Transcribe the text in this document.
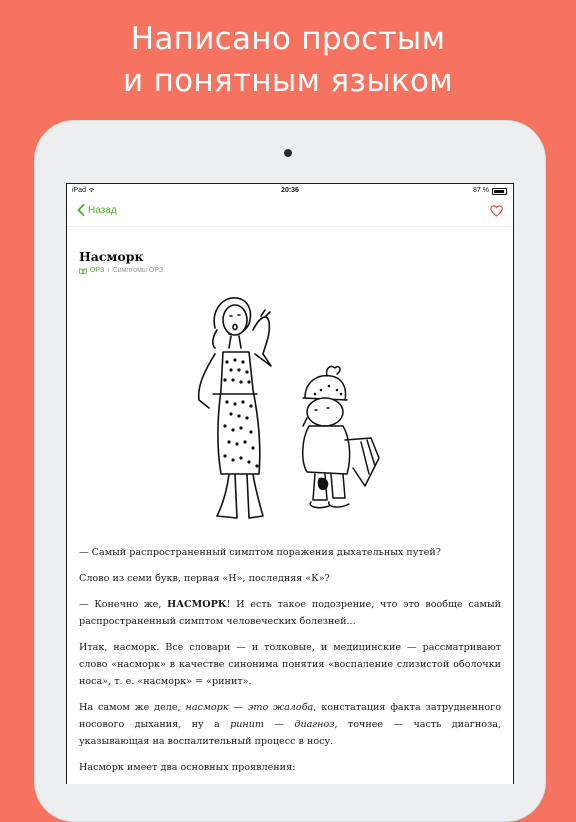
Написано простым
и понятным языком
iPad	20:36	87 %
Назад
Насморк
ОРЗ › Симптомы ОРЗ

— Самый распространенный симптом поражения дыхательных путей?

Слово из семи букв, первая «Н», последняя «К»?

— Конечно же, НАСМОРК! И есть такое подозрение, что это вообще самый распространенный симптом человеческих болезней...

Итак, насморк. Все словари — и толковые, и медицинские — рассматривают слово «насморк» в качестве синонима понятия «воспаление слизистой оболочки носа», т. е. «насморк» = «ринит».

На самом же деле, насморк — это жалоба, констатация факта затрудненного носового дыхания, ну а ринит — диагноз, точнее — часть диагноза, указывающая на воспалительный процесс в носу.

Насморк имеет два основных проявления:
